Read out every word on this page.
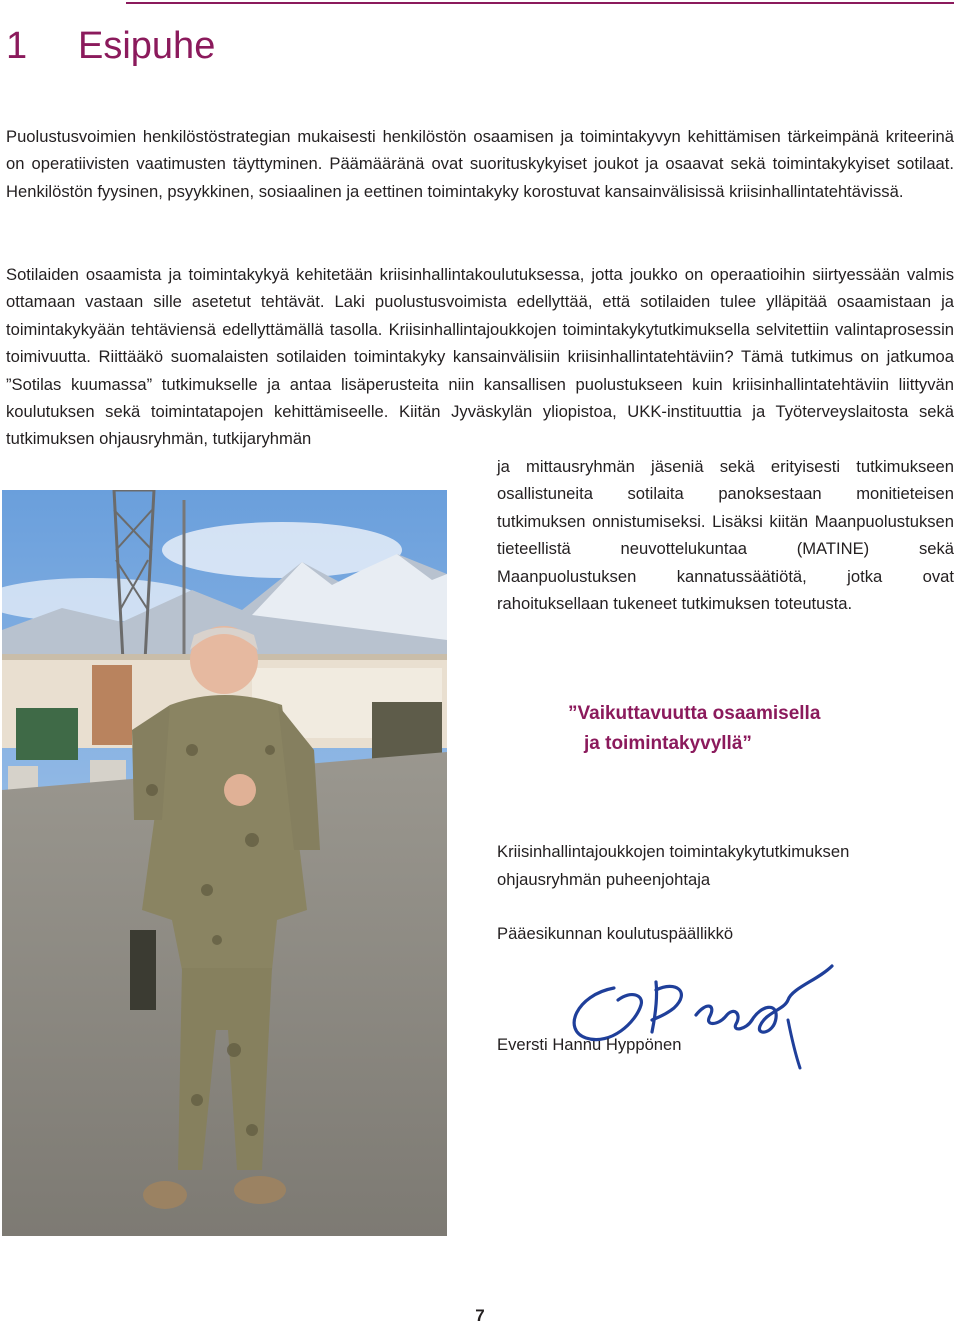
1 Esipuhe

Puolustusvoimien henkilöstöstrategian mukaisesti henkilöstön osaamisen ja toimintakyvyn kehittämisen tärkeimpänä kriteerinä on operatiivisten vaatimusten täyttyminen. Päämääränä ovat suorituskykyiset joukot ja osaavat sekä toimintakykyiset sotilaat. Henkilöstön fyysinen, psyykkinen, sosiaalinen ja eettinen toimintakyky korostuvat kansainvälisissä kriisinhallintatehtävissä.

Sotilaiden osaamista ja toimintakykyä kehitetään kriisinhallintakoulutuksessa, jotta joukko on operaatioihin siirtyessään valmis ottamaan vastaan sille asetetut tehtävät. Laki puolustusvoimista edellyttää, että sotilaiden tulee ylläpitää osaamistaan ja toimintakykyään tehtäviensä edellyttämällä tasolla. Kriisinhallintajoukkojen toimintakykytutkimuksella selvitettiin valintaprosessin toimivuutta. Riittääkö suomalaisten sotilaiden toimintakyky kansainvälisiin kriisinhallintatehtäviin? Tämä tutkimus on jatkumoa ”Sotilas kuumassa” tutkimukselle ja antaa lisäperusteita niin kansallisen puolustukseen kuin kriisinhallintatehtäviin liittyvän koulutuksen sekä toimintatapojen kehittämiseelle. Kiitän Jyväskylän yliopistoa, UKK-instituuttia ja Työterveyslaitosta sekä tutkimuksen ohjausryhmän, tutkijaryhmän

ja mittausryhmän jäseniä sekä erityisesti tutkimukseen osallistuneita sotilaita panoksestaan monitieteisen tutkimuksen onnistumiseksi. Lisäksi kiitän Maanpuolustuksen tieteellistä neuvottelukuntaa (MATINE) sekä Maanpuolustuksen kannatussäätiötä, jotka ovat rahoituksellaan tukeneet tutkimuksen toteutusta.

”Vaikuttavuutta osaamisella
ja toimintakyvyllä”

Kriisinhallintajoukkojen toimintakykytutkimuksen ohjausryhmän puheenjohtaja

Pääesikunnan koulutuspäällikkö

Eversti Hannu Hyppönen

7
